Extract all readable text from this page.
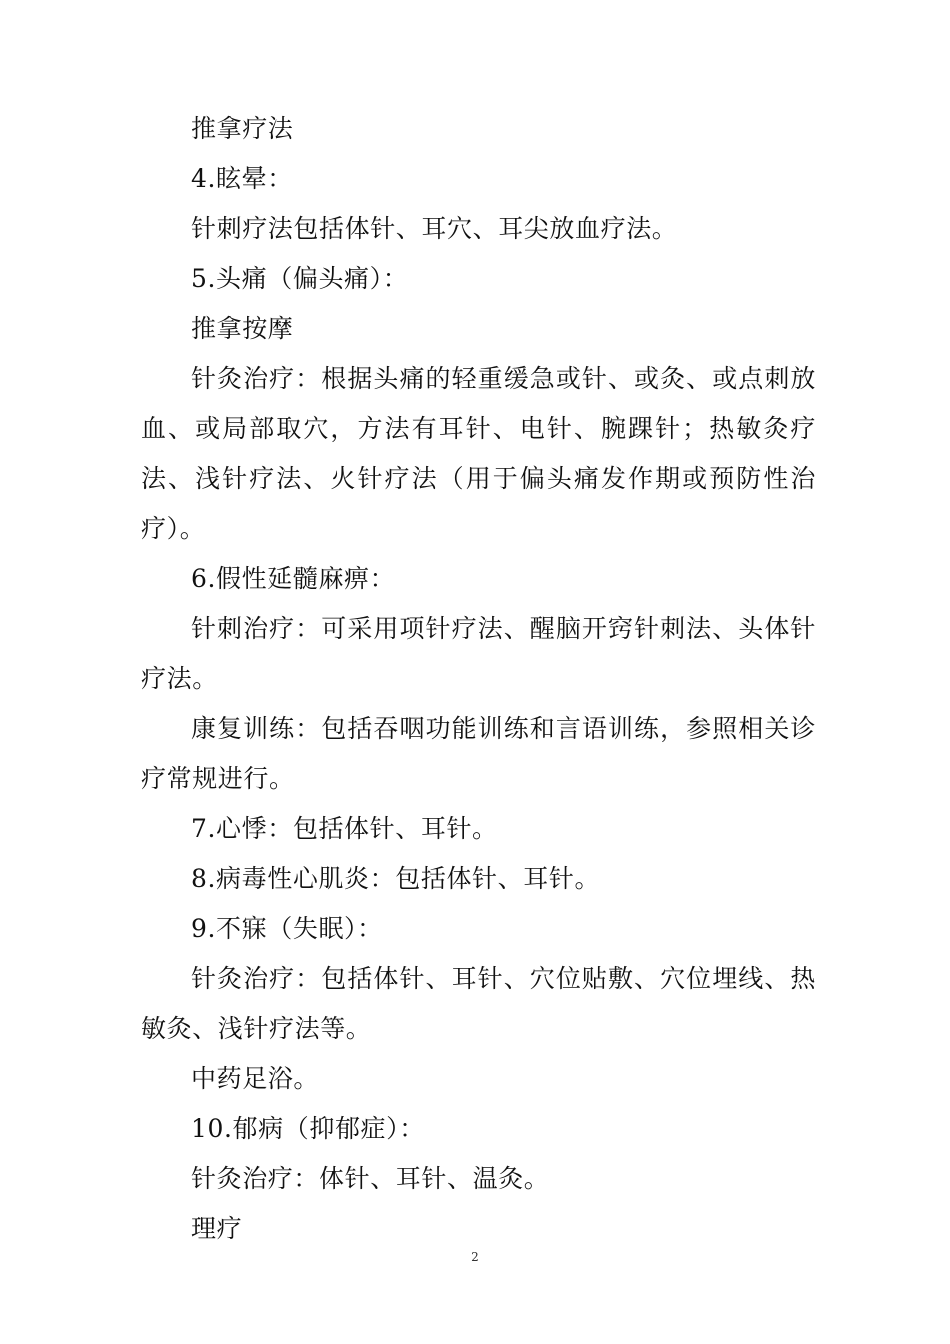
推拿疗法

4.眩晕：

针刺疗法包括体针、耳穴、耳尖放血疗法。

5.头痛（偏头痛）：

推拿按摩

针灸治疗：根据头痛的轻重缓急或针、或灸、或点刺放血、或局部取穴，方法有耳针、电针、腕踝针；热敏灸疗法、浅针疗法、火针疗法（用于偏头痛发作期或预防性治疗）。

6.假性延髓麻痹：

针刺治疗：可采用项针疗法、醒脑开窍针刺法、头体针疗法。

康复训练：包括吞咽功能训练和言语训练，参照相关诊疗常规进行。

7.心悸：包括体针、耳针。

8.病毒性心肌炎：包括体针、耳针。

9.不寐（失眠）：

针灸治疗：包括体针、耳针、穴位贴敷、穴位埋线、热敏灸、浅针疗法等。

中药足浴。

10.郁病（抑郁症）：

针灸治疗：体针、耳针、温灸。

理疗

2
